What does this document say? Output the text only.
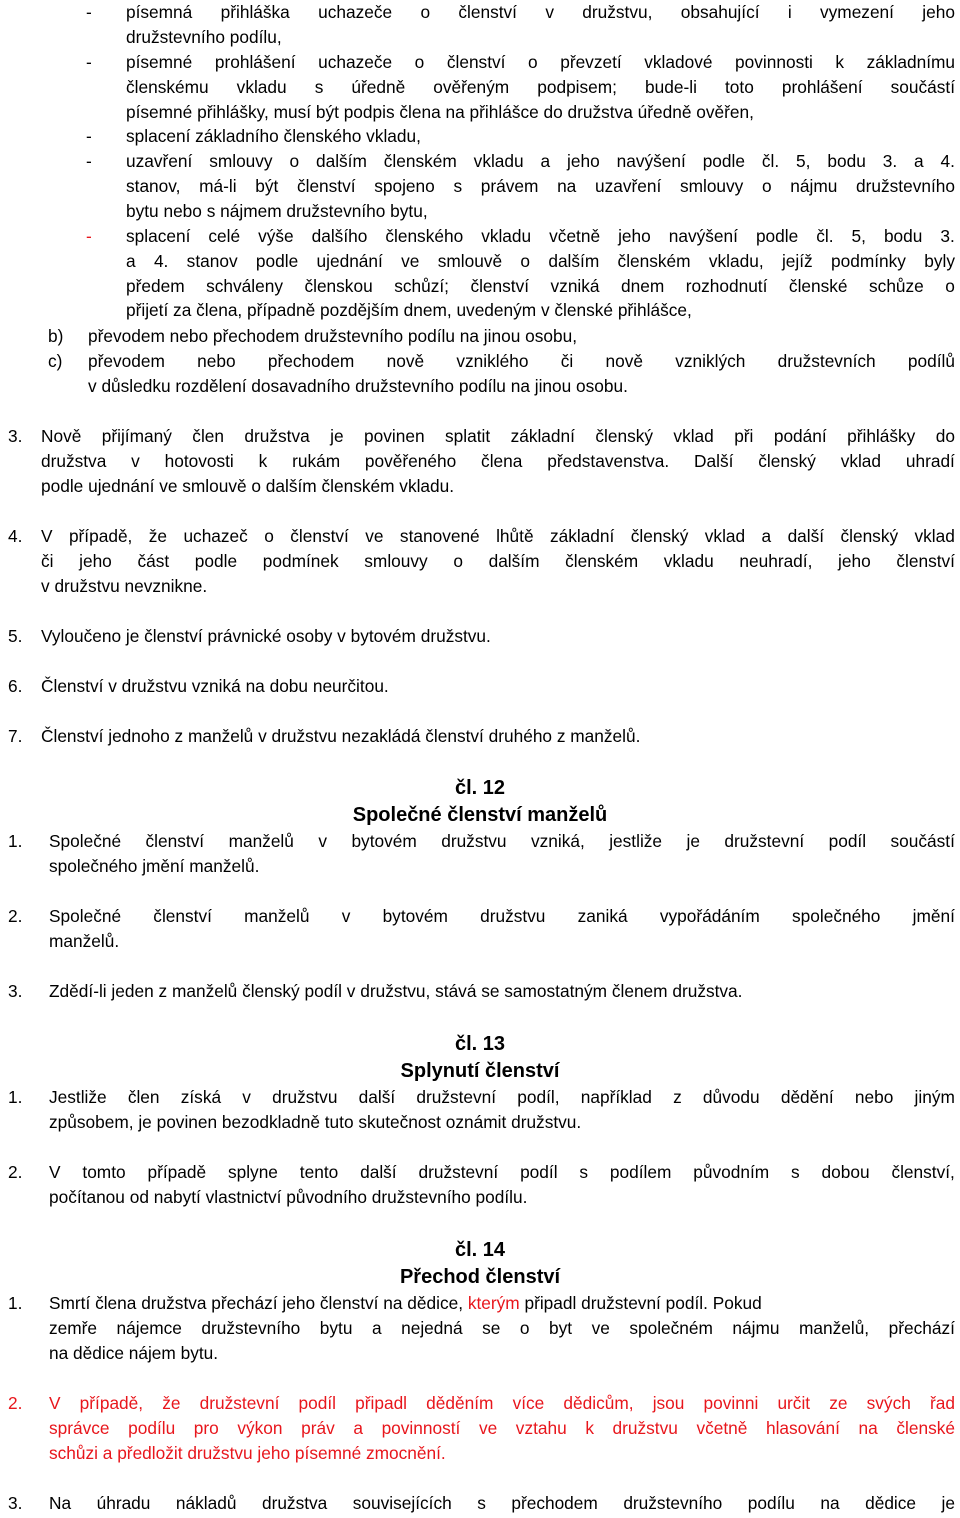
- písemná přihláška uchazeče o členství v družstvu, obsahující i vymezení jeho
družstevního podílu,
- písemné prohlášení uchazeče o členství o převzetí vkladové povinnosti k základnímu
členskému vkladu s úředně ověřeným podpisem; bude-li toto prohlášení součástí
písemné přihlášky, musí být podpis člena na přihlášce do družstva úředně ověřen,
- splacení základního členského vkladu,
- uzavření smlouvy o dalším členském vkladu a jeho navýšení podle čl. 5, bodu 3. a 4.
stanov, má-li být členství spojeno s právem na uzavření smlouvy o nájmu družstevního
bytu nebo s nájmem družstevního bytu,
- splacení celé výše dalšího členského vkladu včetně jeho navýšení podle čl. 5, bodu 3.
a 4. stanov podle ujednání ve smlouvě o dalším členském vkladu, jejíž podmínky byly
předem schváleny členskou schůzí; členství vzniká dnem rozhodnutí členské schůze o
přijetí za člena, případně pozdějším dnem, uvedeným v členské přihlášce,
b) převodem nebo přechodem družstevního podílu na jinou osobu,
c) převodem nebo přechodem nově vzniklého či nově vzniklých družstevních podílů
v důsledku rozdělení dosavadního družstevního podílu na jinou osobu.
3. Nově přijímaný člen družstva je povinen splatit základní členský vklad při podání přihlášky do
družstva v hotovosti k rukám pověřeného člena představenstva. Další členský vklad uhradí
podle ujednání ve smlouvě o dalším členském vkladu.
4. V případě, že uchazeč o členství ve stanovené lhůtě základní členský vklad a další členský vklad
či jeho část podle podmínek smlouvy o dalším členském vkladu neuhradí, jeho členství
v družstvu nevznikne.
5. Vyloučeno je členství právnické osoby v bytovém družstvu.
6. Členství v družstvu vzniká na dobu neurčitou.
7. Členství jednoho z manželů v družstvu nezakládá členství druhého z manželů.
čl. 12
Společné členství manželů
1. Společné členství manželů v bytovém družstvu vzniká, jestliže je družstevní podíl součástí
společného jmění manželů.
2. Společné členství manželů v bytovém družstvu zaniká vypořádáním společného jmění
manželů.
3. Zdědí-li jeden z manželů členský podíl v družstvu, stává se samostatným členem družstva.
čl. 13
Splynutí členství
1. Jestliže člen získá v družstvu další družstevní podíl, například z důvodu dědění nebo jiným
způsobem, je povinen bezodkladně tuto skutečnost oznámit družstvu.
2. V tomto případě splyne tento další družstevní podíl s podílem původním s dobou členství,
počítanou od nabytí vlastnictví původního družstevního podílu.
čl. 14
Přechod členství
1. Smrtí člena družstva přechází jeho členství na dědice, kterým připadl družstevní podíl. Pokud
zemře nájemce družstevního bytu a nejedná se o byt ve společném nájmu manželů, přechází
na dědice nájem bytu.
2. V případě, že družstevní podíl připadl děděním více dědicům, jsou povinni určit ze svých řad
správce podílu pro výkon práv a povinností ve vztahu k družstvu včetně hlasování na členské
schůzi a předložit družstvu jeho písemné zmocnění.
3. Na úhradu nákladů družstva souvisejících s přechodem družstevního podílu na dědice je
